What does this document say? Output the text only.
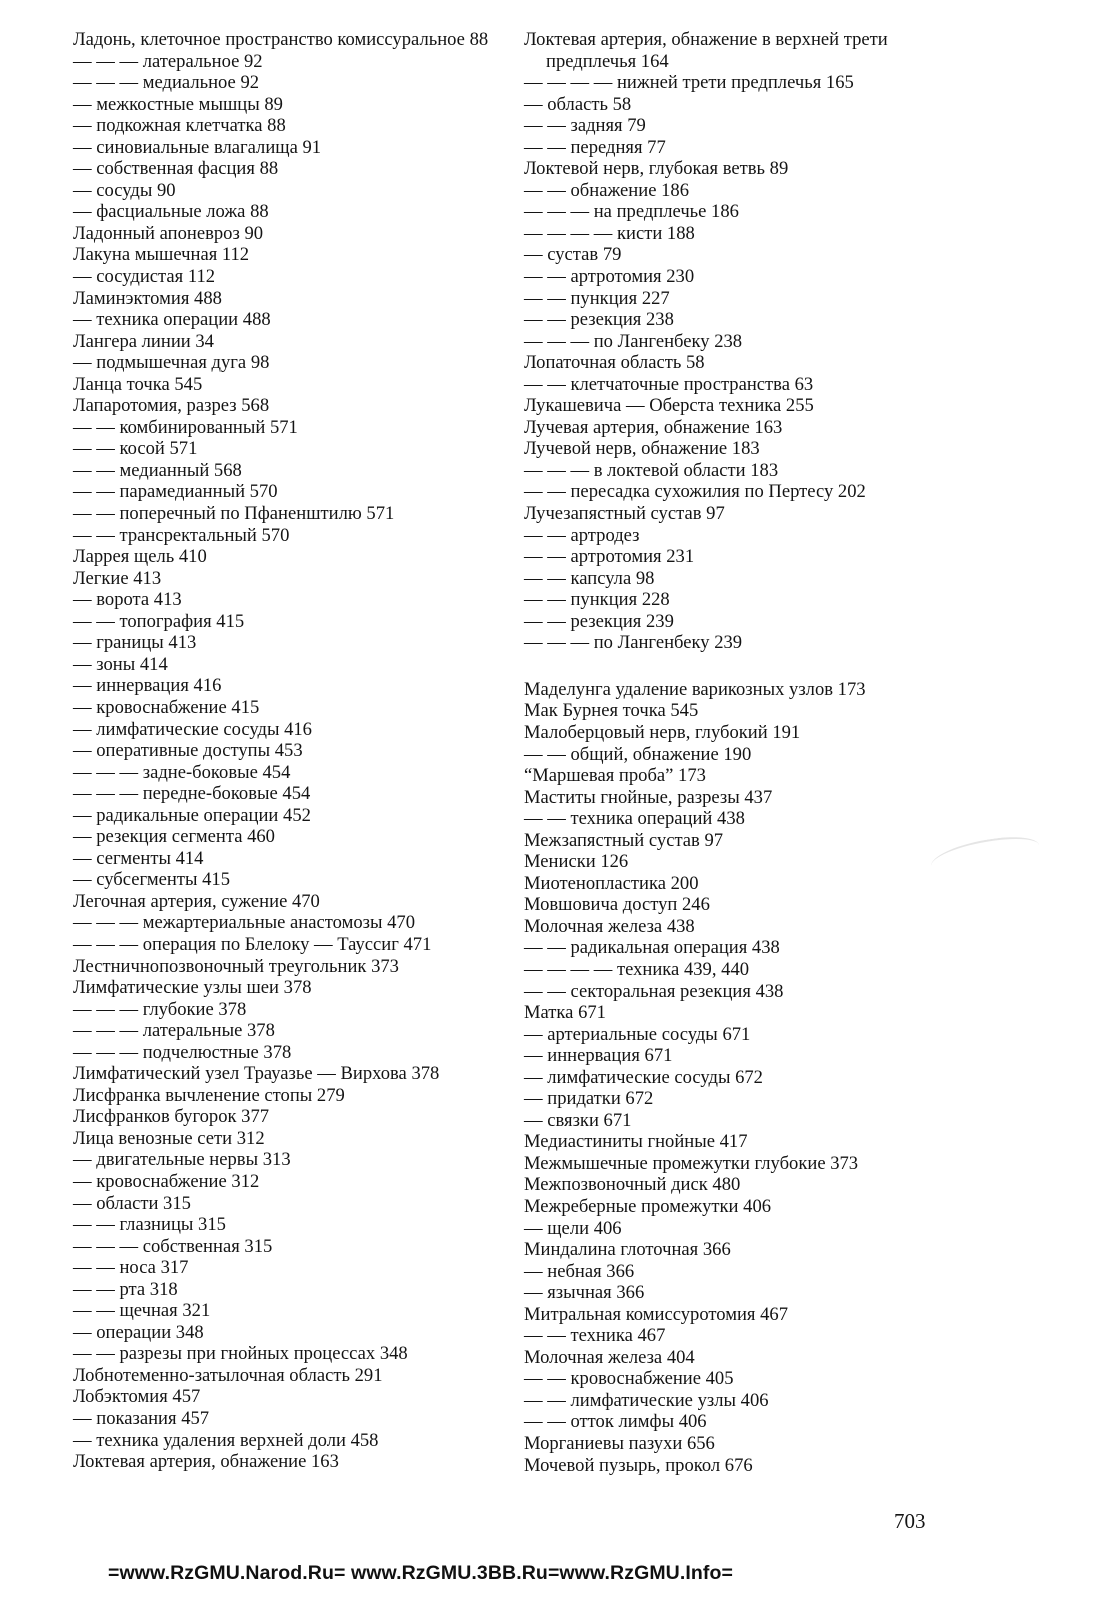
Ладонь, клеточное пространство комиссуральное 88
— — — латеральное 92
— — — медиальное 92
— межкостные мышцы 89
— подкожная клетчатка 88
— синовиальные влагалища 91
— собственная фасция 88
— сосуды 90
— фасциальные ложа 88
Ладонный апоневроз 90
Лакуна мышечная 112
— сосудистая 112
Ламинэктомия 488
— техника операции 488
Лангера линии 34
— подмышечная дуга 98
Ланца точка 545
Лапаротомия, разрез 568
— — комбинированный 571
— — косой 571
— — медианный 568
— — парамедианный 570
— — поперечный по Пфаненштилю 571
— — трансректальный 570
Ларрея щель 410
Легкие 413
— ворота 413
— — топография 415
— границы 413
— зоны 414
— иннервация 416
— кровоснабжение 415
— лимфатические сосуды 416
— оперативные доступы 453
— — — задне-боковые 454
— — — передне-боковые 454
— радикальные операции 452
— резекция сегмента 460
— сегменты 414
— субсегменты 415
Легочная артерия, сужение 470
— — — межартериальные анастомозы 470
— — — операция по Блелоку — Таусcиг 471
Лестничнопозвоночный треугольник 373
Лимфатические узлы шеи 378
— — — глубокие 378
— — — латеральные 378
— — — подчелюстные 378
Лимфатический узел Трауазье — Вирхова 378
Лисфранка вычленение стопы 279
Лисфранков бугорок 377
Лица венозные сети 312
— двигательные нервы 313
— кровоснабжение 312
— области 315
— — глазницы 315
— — — собственная 315
— — носа 317
— — рта 318
— — щечная 321
— операции 348
— — разрезы при гнойных процессах 348
Лобнотеменно-затылочная область 291
Лобэктомия 457
— показания 457
— техника удаления верхней доли 458
Локтевая артерия, обнажение 163
Локтевая артерия, обнажение в верхней трети предплечья 164
— — — — нижней трети предплечья 165
— область 58
— — задняя 79
— — передняя 77
Локтевой нерв, глубокая ветвь 89
— — обнажение 186
— — — на предплечье 186
— — — — кисти 188
— сустав 79
— — артротомия 230
— — пункция 227
— — резекция 238
— — — по Лангенбеку 238
Лопаточная область 58
— — клетчаточные пространства 63
Лукашевича — Оберста техника 255
Лучевая артерия, обнажение 163
Лучевой нерв, обнажение 183
— — — в локтевой области 183
— — пересадка сухожилия по Пертесу 202
Лучезапястный сустав 97
— — артродез
— — артротомия 231
— — капсула 98
— — пункция 228
— — резекция 239
— — — по Лангенбеку 239
Маделунга удаление варикозных узлов 173
Мак Бурнея точка 545
Малоберцовый нерв, глубокий 191
— — общий, обнажение 190
“Маршевая проба” 173
Маститы гнойные, разрезы 437
— — техника операций 438
Межзапястный сустав 97
Мениски 126
Миотенопластика 200
Мовшовича доступ 246
Молочная железа 438
— — радикальная операция 438
— — — — техника 439, 440
— — секторальная резекция 438
Матка 671
— артериальные сосуды 671
— иннервация 671
— лимфатические сосуды 672
— придатки 672
— связки 671
Медиастиниты гнойные 417
Межмышечные промежутки глубокие 373
Межпозвоночный диск 480
Межреберные промежутки 406
— щели 406
Миндалина глоточная 366
— небная 366
— язычная 366
Митральная комиссуротомия 467
— — техника 467
Молочная железа 404
— — кровоснабжение 405
— — лимфатические узлы 406
— — отток лимфы 406
Морганиевы пазухи 656
Мочевой пузырь, прокол 676
703
=www.RzGMU.Narod.Ru= www.RzGMU.3BB.Ru=www.RzGMU.Info=
